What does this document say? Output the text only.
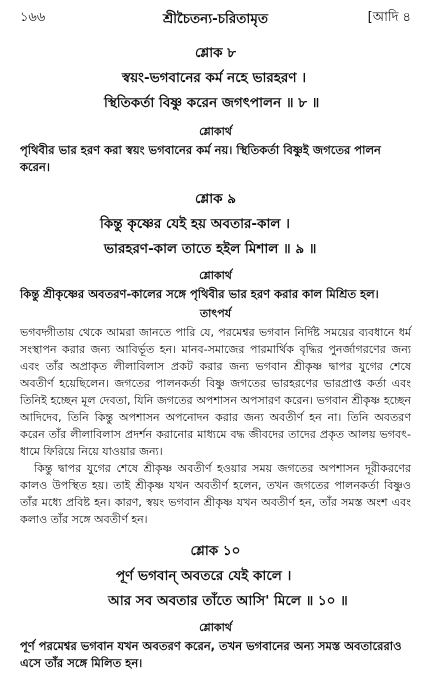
১৬৬	শ্রীচৈতন্য-চরিতামৃত	[আদি ৪

শ্লোক ৮

স্বয়ং-ভগবানের কর্ম নহে ভারহরণ ।

স্থিতিকর্তা বিষ্ণু করেন জগৎপালন ॥ ৮ ॥

শ্লোকার্থ

পৃথিবীর ভার হরণ করা স্বয়ং ভগবানের কর্ম নয়। স্থিতিকর্তা বিষ্ণুই জগতের পালন করেন।

শ্লোক ৯

কিন্তু কৃষ্ণের যেই হয় অবতার-কাল ।

ভারহরণ-কাল তাতে হইল মিশাল ॥ ৯ ॥

শ্লোকার্থ

কিন্তু শ্রীকৃষ্ণের অবতরণ-কালের সঙ্গে পৃথিবীর ভার হরণ করার কাল মিশ্রিত হল।

তাৎপর্য

ভগবদ্গীতায় থেকে আমরা জানতে পারি যে, পরমেশ্বর ভগবান নির্দিষ্ট সময়ের ব্যবধানে ধর্ম সংস্থাপন করার জন্য আবির্ভূত হন। মানব-সমাজের পারমার্থিক বৃদ্ধির পুনর্জাগরণের জন্য এবং তাঁর অপ্রাকৃত লীলাবিলাস প্রকট করার জন্য ভগবান শ্রীকৃষ্ণ দ্বাপর যুগের শেষে অবতীর্ণ হয়েছিলেন। জগতের পালনকর্তা বিষ্ণু জগতের ভারহরণের ভারপ্রাপ্ত কর্তা এবং তিনিই হচ্ছেন মূল দেবতা, যিনি জগতের অপশাসন অপসারণ করেন। ভগবান শ্রীকৃষ্ণ হচ্ছেন আদিদেব, তিনি কিন্তু অপশাসন অপনোদন করার জন্য অবতীর্ণ হন না। তিনি অবতরণ করেন তাঁর লীলাবিলাস প্রদর্শন করানোর মাধ্যমে বদ্ধ জীবদের তাদের প্রকৃত আলয় ভগবৎ-ধামে ফিরিয়ে নিয়ে যাওয়ার জন্য।

কিন্তু দ্বাপর যুগের শেষে শ্রীকৃষ্ণ অবতীর্ণ হওয়ার সময় জগতের অপশাসন দূরীকরণের কালও উপস্থিত হয়। তাই শ্রীকৃষ্ণ যখন অবতীর্ণ হলেন, তখন জগতের পালনকর্তা বিষ্ণুও তাঁর মধ্যে প্রবিষ্ট হন। কারণ, স্বয়ং ভগবান শ্রীকৃষ্ণ যখন অবতীর্ণ হন, তাঁর সমস্ত অংশ এবং কলাও তাঁর সঙ্গে অবতীর্ণ হন।

শ্লোক ১০

পূর্ণ ভগবান্ অবতরে যেই কালে ।

আর সব অবতার তাঁতে আসি' মিলে ॥ ১০ ॥

শ্লোকার্থ

পূর্ণ পরমেশ্বর ভগবান যখন অবতরণ করেন, তখন ভগবানের অন্য সমস্ত অবতারেরাও এসে তাঁর সঙ্গে মিলিত হন।
